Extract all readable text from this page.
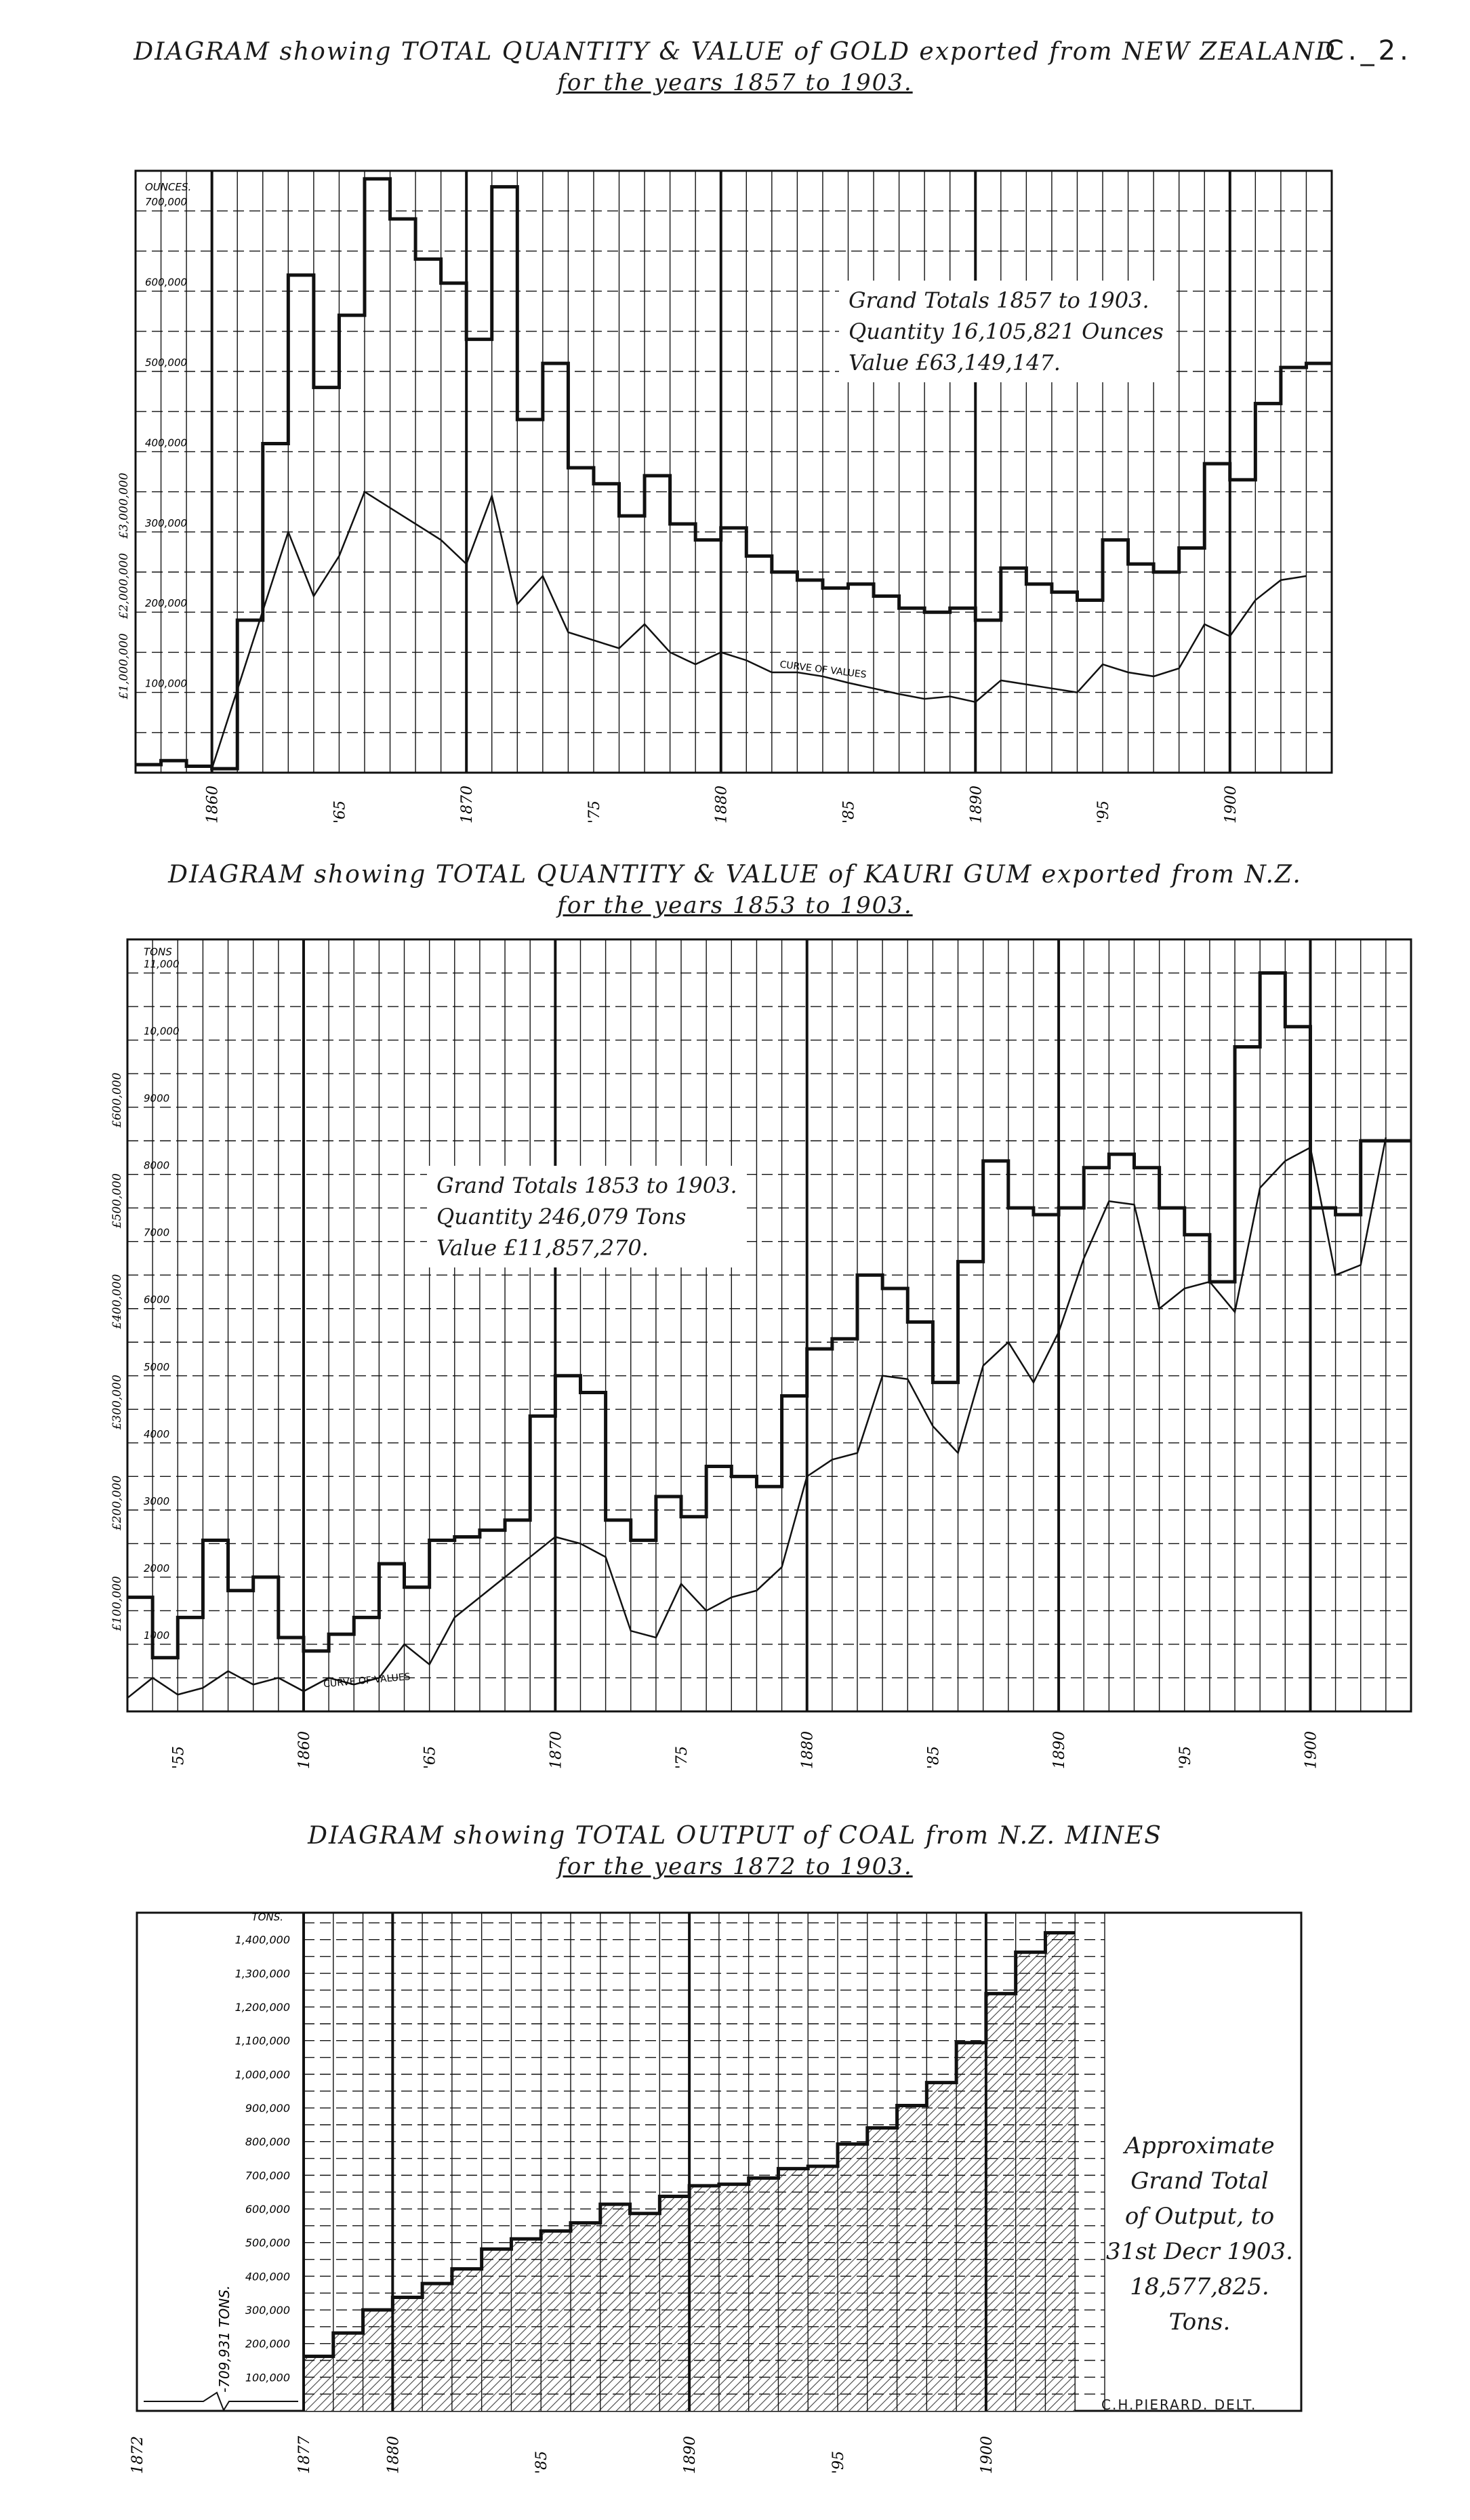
C._2.
DIAGRAM showing TOTAL QUANTITY & VALUE of GOLD exported from NEW ZEALAND
for the years 1857 to 1903.
100,000
200,000
300,000
400,000
500,000
600,000
700,000
OUNCES.
£1,000,000
£2,000,000
£3,000,000
1860	'65	1870	'75	1880	'85	1890	'95	1900
CURVE OF VALUES
Grand Totals 1857 to 1903.
Quantity 16,105,821 Ounces
Value £63,149,147.
DIAGRAM showing TOTAL QUANTITY & VALUE of KAURI GUM exported from N.Z.
for the years 1853 to 1903.
1000
2000
3000
4000
5000
6000
7000
8000
9000
10,000
11,000
TONS
£100,000
£200,000
£300,000
£400,000
£500,000
£600,000
'55	1860	'65	1870	'75	1880	'85	1890	'95	1900
CURVE OF VALUES
Grand Totals 1853 to 1903.
Quantity 246,079 Tons
Value £11,857,270.
DIAGRAM showing TOTAL OUTPUT of COAL from N.Z. MINES
for the years 1872 to 1903.
100,000
200,000
300,000
400,000
500,000
600,000
700,000
800,000
900,000
1,000,000
1,100,000
1,200,000
1,300,000
1,400,000
TONS.
-709,931 TONS.
1872	1877	1880	'85	1890	'95	1900
Approximate
Grand Total
of Output, to
31st Decr 1903.
18,577,825.
Tons.
C.H.PIERARD. DELT.
